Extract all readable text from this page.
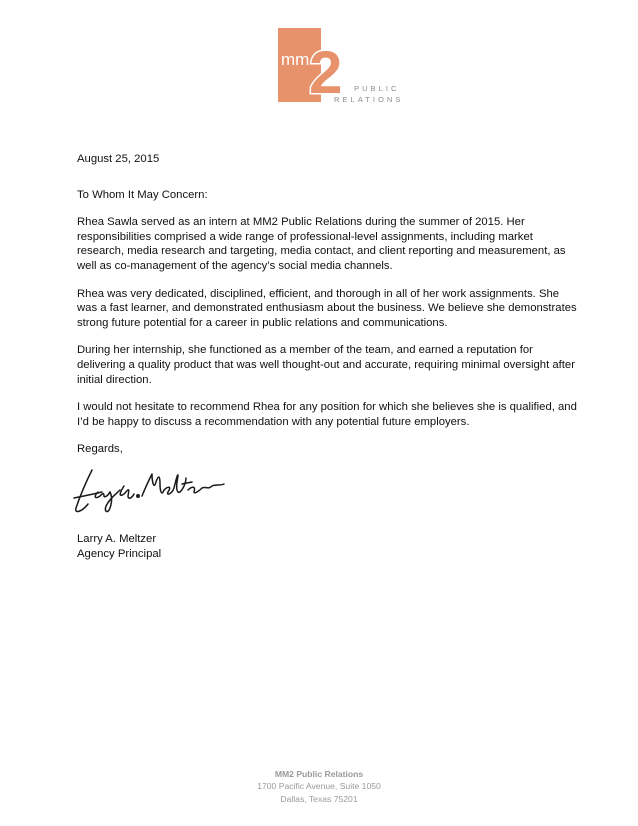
mm 2 PUBLIC
RELATIONS

August 25, 2015

To Whom It May Concern:

Rhea Sawla served as an intern at MM2 Public Relations during the summer of 2015. Her responsibilities comprised a wide range of professional-level assignments, including market research, media research and targeting, media contact, and client reporting and measurement, as well as co-management of the agency’s social media channels.

Rhea was very dedicated, disciplined, efficient, and thorough in all of her work assignments. She was a fast learner, and demonstrated enthusiasm about the business. We believe she demonstrates strong future potential for a career in public relations and communications.

During her internship, she functioned as a member of the team, and earned a reputation for delivering a quality product that was well thought-out and accurate, requiring minimal oversight after initial direction.

I would not hesitate to recommend Rhea for any position for which she believes she is qualified, and I’d be happy to discuss a recommendation with any potential future employers.

Regards,

Larry A. Meltzer
Agency Principal
MM2 Public Relations
1700 Pacific Avenue, Suite 1050
Dallas, Texas 75201
